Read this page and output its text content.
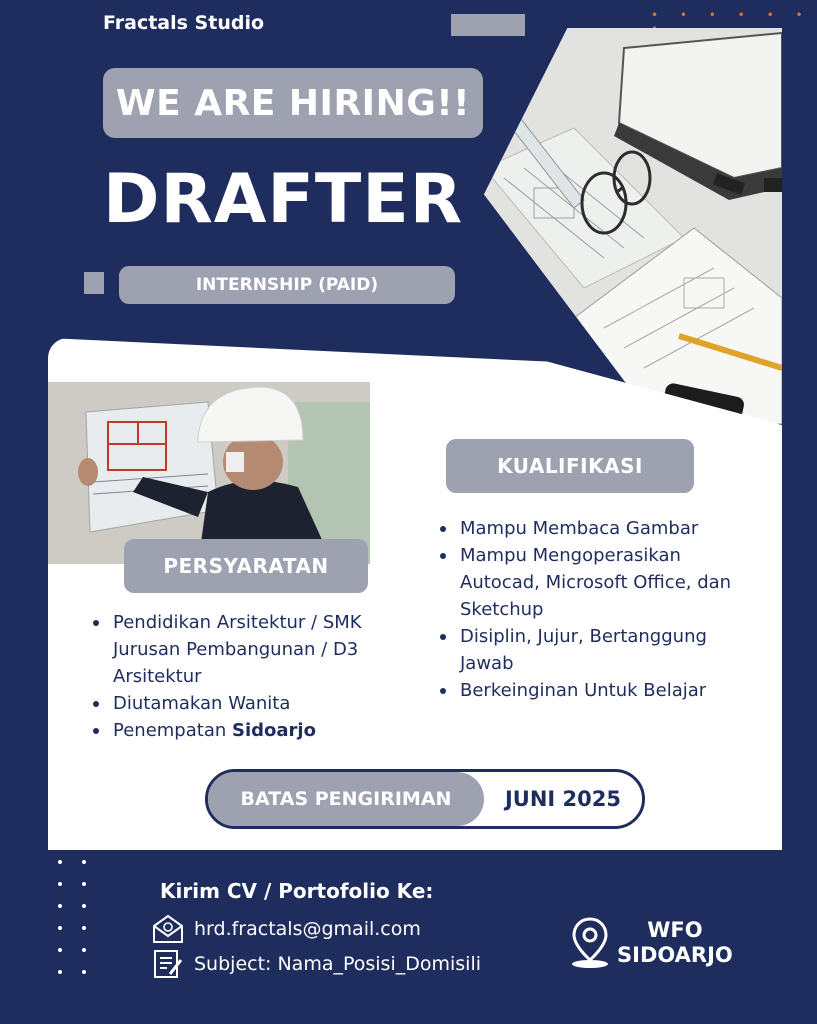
Fractals Studio	• • • • • •
WE ARE HIRING!!
DRAFTER
INTERNSHIP (PAID)
KUALIFIKASI
Mampu Membaca Gambar
Mampu Mengoperasikan Autocad, Microsoft Office, dan Sketchup
Disiplin, Jujur, Bertanggung Jawab
Berkeinginan Untuk Belajar
PERSYARATAN
Pendidikan Arsitektur / SMK Jurusan Pembangunan / D3 Arsitektur
Diutamakan Wanita
Penempatan Sidoarjo
BATAS PENGIRIMAN	JUNI 2025
Kirim CV / Portofolio Ke:
hrd.fractals@gmail.com
Subject: Nama_Posisi_Domisili
WFO
SIDOARJO
